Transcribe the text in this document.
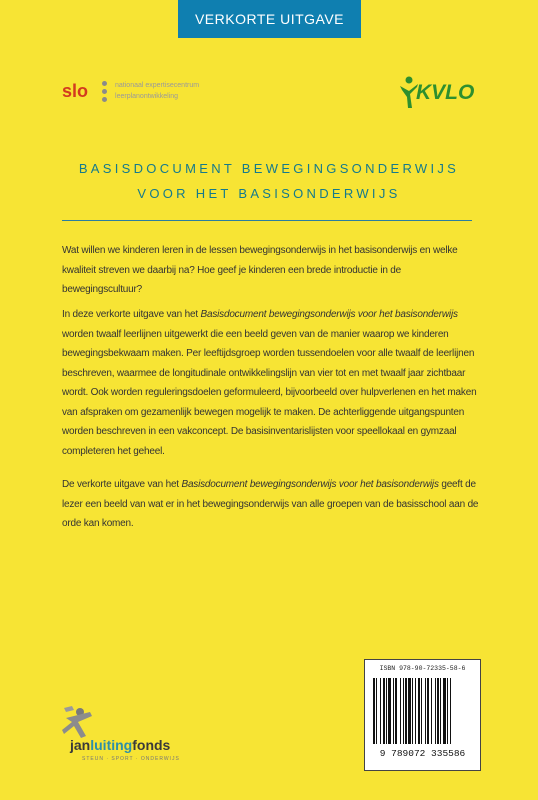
VERKORTE UITGAVE
slo	nationaal expertisecentrum
leerplanontwikkeling	KVLO
BASISDOCUMENT BEWEGINGSONDERWIJS
VOOR HET BASISONDERWIJS

Wat willen we kinderen leren in de lessen bewegingsonderwijs in het basisonderwijs en welke kwaliteit streven we daarbij na? Hoe geef je kinderen een brede introductie in de bewegingscultuur?

In deze verkorte uitgave van het Basisdocument bewegingsonderwijs voor het basisonderwijs worden twaalf leerlijnen uitgewerkt die een beeld geven van de manier waarop we kinderen bewegingsbekwaam maken. Per leeftijdsgroep worden tussendoelen voor alle twaalf de leerlijnen beschreven, waarmee de longitudinale ontwikkelingslijn van vier tot en met twaalf jaar zichtbaar wordt. Ook worden reguleringsdoelen geformuleerd, bijvoorbeeld over hulpverlenen en het maken van afspraken om gezamenlijk bewegen mogelijk te maken. De achterliggende uitgangspunten worden beschreven in een vakconcept. De basisinventarislijsten voor speellokaal en gymzaal completeren het geheel.

De verkorte uitgave van het Basisdocument bewegingsonderwijs voor het basisonderwijs geeft de lezer een beeld van wat er in het bewegingsonderwijs van alle groepen van de basisschool aan de orde kan komen.

ISBN 978-90-72335-58-6
9 789072 335586
janluitingfonds
STEUN · SPORT · ONDERWIJS
